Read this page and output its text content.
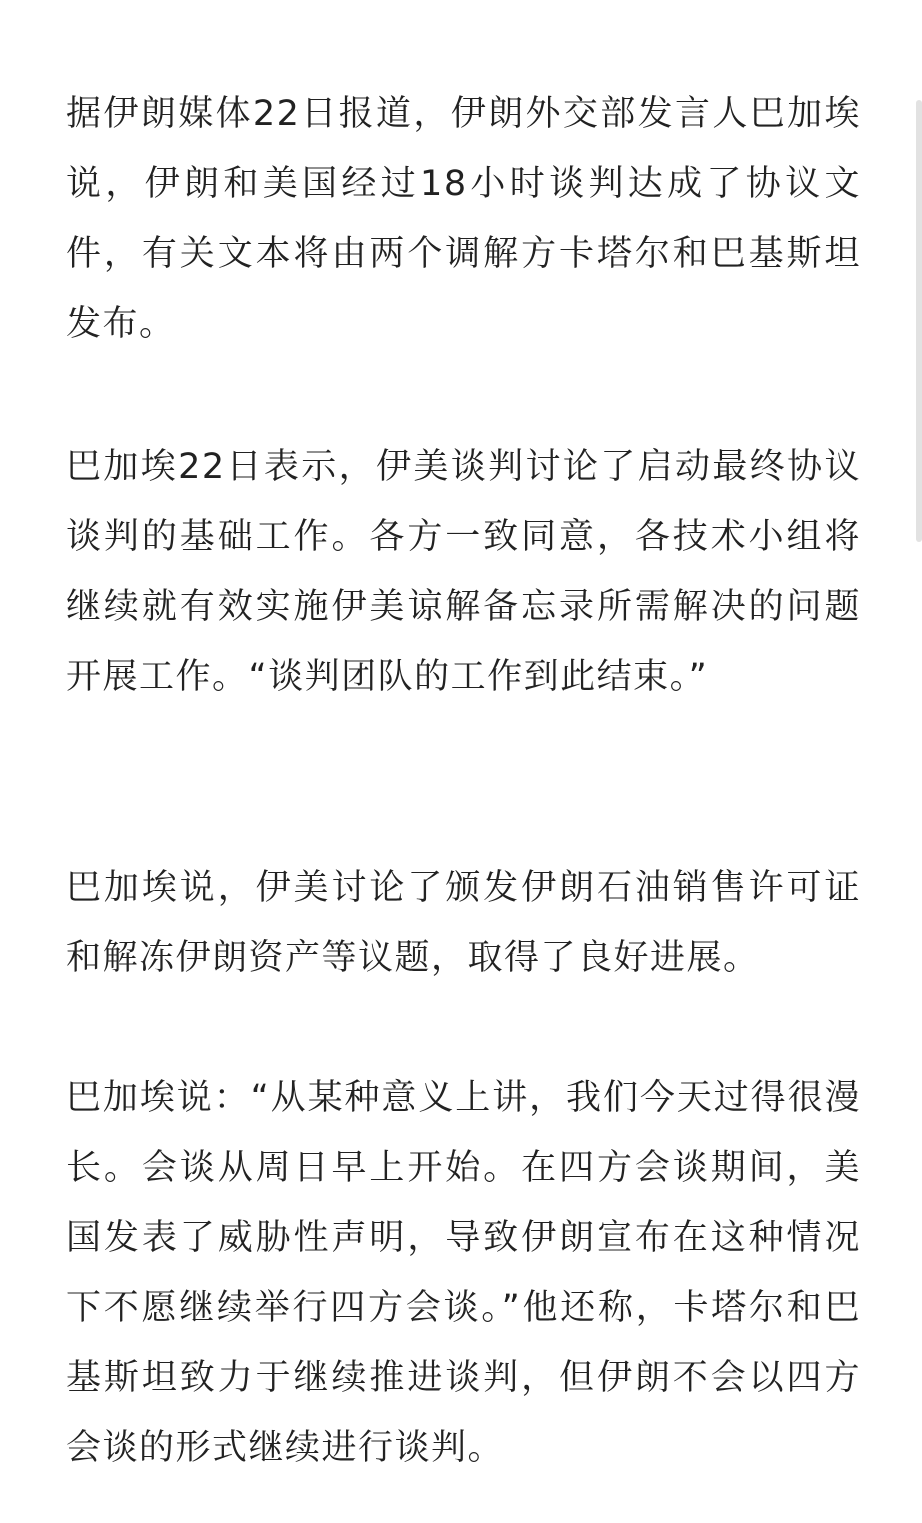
据伊朗媒体22日报道，伊朗外交部发言人巴加埃说，伊朗和美国经过18小时谈判达成了协议文件，有关文本将由两个调解方卡塔尔和巴基斯坦发布。

巴加埃22日表示，伊美谈判讨论了启动最终协议谈判的基础工作。各方一致同意，各技术小组将继续就有效实施伊美谅解备忘录所需解决的问题开展工作。“谈判团队的工作到此结束。”

巴加埃说，伊美讨论了颁发伊朗石油销售许可证和解冻伊朗资产等议题，取得了良好进展。

巴加埃说：“从某种意义上讲，我们今天过得很漫长。会谈从周日早上开始。在四方会谈期间，美国发表了威胁性声明，导致伊朗宣布在这种情况下不愿继续举行四方会谈。”他还称，卡塔尔和巴基斯坦致力于继续推进谈判，但伊朗不会以四方会谈的形式继续进行谈判。
